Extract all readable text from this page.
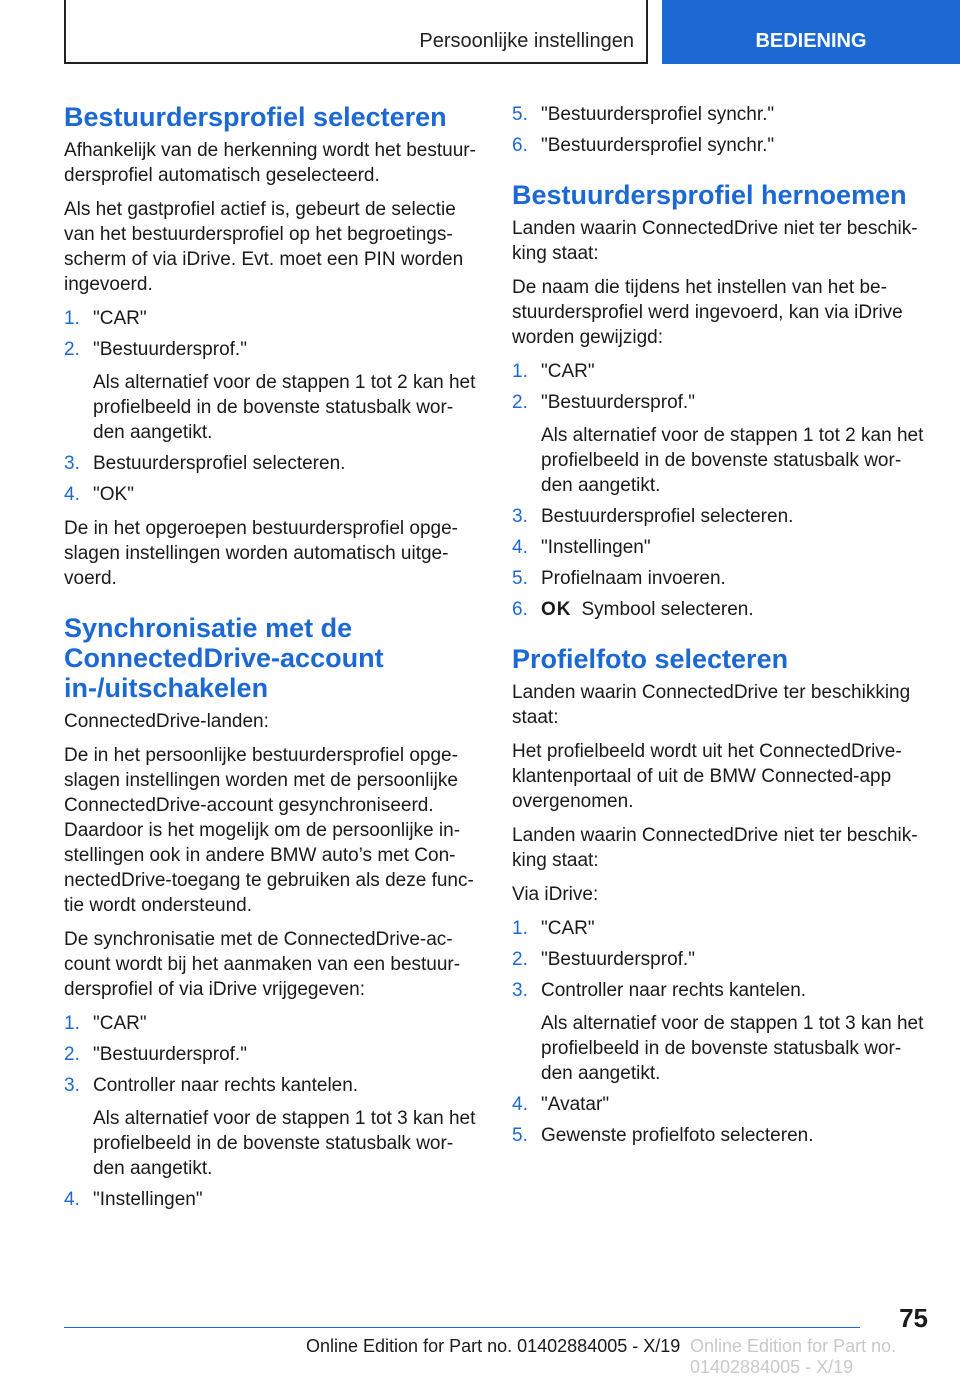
Persoonlijke instellingen	BEDIENING
Bestuurdersprofiel selecteren

Afhankelijk van de herkenning wordt het bestuur-dersprofiel automatisch geselecteerd.

Als het gastprofiel actief is, gebeurt de selectie van het bestuurdersprofiel op het begroetings-scherm of via iDrive. Evt. moet een PIN worden ingevoerd.

1. "CAR"
2. "Bestuurdersprof."
Als alternatief voor de stappen 1 tot 2 kan het profielbeeld in de bovenste statusbalk wor-den aangetikt.
3. Bestuurdersprofiel selecteren.
4. "OK"

De in het opgeroepen bestuurdersprofiel opge-slagen instellingen worden automatisch uitge-voerd.

Synchronisatie met de ConnectedDrive-account in-/uitschakelen

ConnectedDrive-landen:

De in het persoonlijke bestuurdersprofiel opge-slagen instellingen worden met de persoonlijke ConnectedDrive-account gesynchroniseerd. Daardoor is het mogelijk om de persoonlijke in-stellingen ook in andere BMW auto’s met Con-nectedDrive-toegang te gebruiken als deze func-tie wordt ondersteund.

De synchronisatie met de ConnectedDrive-ac-count wordt bij het aanmaken van een bestuur-dersprofiel of via iDrive vrijgegeven:

1. "CAR"
2. "Bestuurdersprof."
3. Controller naar rechts kantelen.
Als alternatief voor de stappen 1 tot 3 kan het profielbeeld in de bovenste statusbalk wor-den aangetikt.
4. "Instellingen"
5. "Bestuurdersprofiel synchr."
6. "Bestuurdersprofiel synchr."
Bestuurdersprofiel hernoemen

Landen waarin ConnectedDrive niet ter beschik-king staat:

De naam die tijdens het instellen van het be-stuurdersprofiel werd ingevoerd, kan via iDrive worden gewijzigd:

1. "CAR"
2. "Bestuurdersprof."
Als alternatief voor de stappen 1 tot 2 kan het profielbeeld in de bovenste statusbalk wor-den aangetikt.
3. Bestuurdersprofiel selecteren.
4. "Instellingen"
5. Profielnaam invoeren.
6. OK Symbool selecteren.
Profielfoto selecteren

Landen waarin ConnectedDrive ter beschikking staat:

Het profielbeeld wordt uit het ConnectedDrive-klantenportaal of uit de BMW Connected-app overgenomen.

Landen waarin ConnectedDrive niet ter beschik-king staat:

Via iDrive:

1. "CAR"
2. "Bestuurdersprof."
3. Controller naar rechts kantelen.
Als alternatief voor de stappen 1 tot 3 kan het profielbeeld in de bovenste statusbalk wor-den aangetikt.
4. "Avatar"
5. Gewenste profielfoto selecteren.
75
Online Edition for Part no. 01402884005 - X/19 Online Edition for Part no. 01402884005 - X/19
